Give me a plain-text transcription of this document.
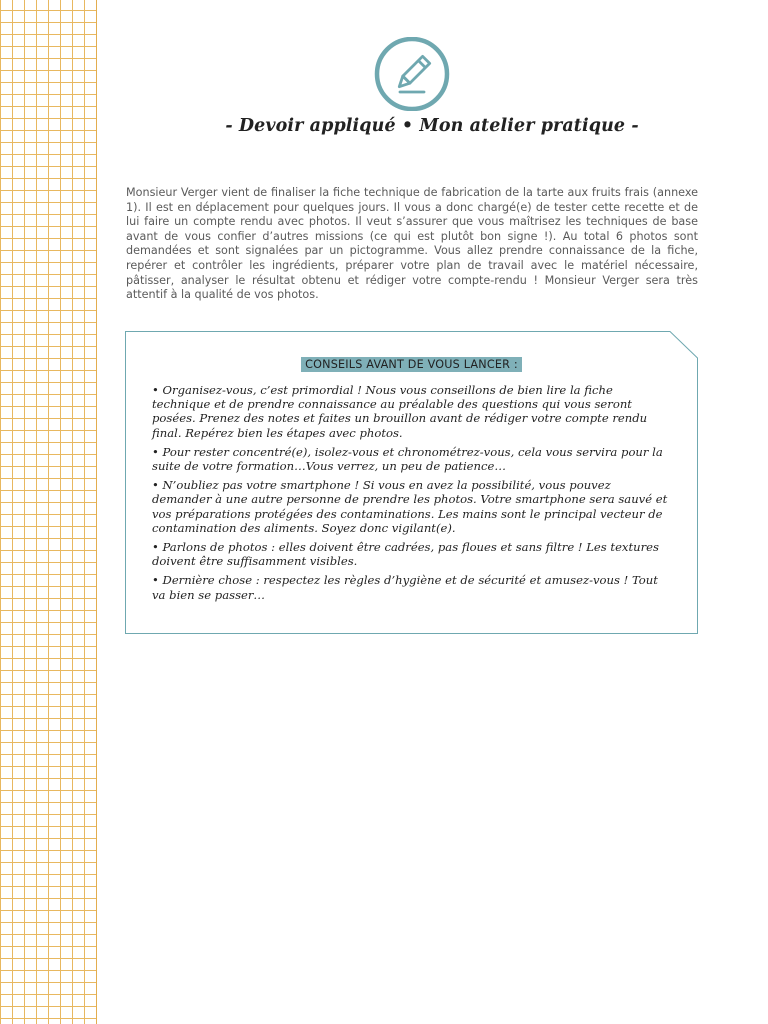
- Devoir appliqué • Mon atelier pratique -

Monsieur Verger vient de finaliser la fiche technique de fabrication de la tarte aux fruits frais (annexe 1). Il est en déplacement pour quelques jours. Il vous a donc chargé(e) de tester cette recette et de lui faire un compte rendu avec photos. Il veut s’assurer que vous maîtrisez les techniques de base avant de vous confier d’autres missions (ce qui est plutôt bon signe !). Au total 6 photos sont demandées et sont signalées par un pictogramme. Vous allez prendre connaissance de la fiche, repérer et contrôler les ingrédients, préparer votre plan de travail avec le matériel nécessaire, pâtisser, analyser le résultat obtenu et rédiger votre compte-rendu ! Monsieur Verger sera très attentif à la qualité de vos photos.

CONSEILS AVANT DE VOUS LANCER :
• Organisez-vous, c’est primordial ! Nous vous conseillons de bien lire la fiche technique et de prendre connaissance au préalable des questions qui vous seront posées. Prenez des notes et faites un brouillon avant de rédiger votre compte rendu final. Repérez bien les étapes avec photos.
• Pour rester concentré(e), isolez-vous et chronométrez-vous, cela vous servira pour la suite de votre formation…Vous verrez, un peu de patience…
• N’oubliez pas votre smartphone ! Si vous en avez la possibilité, vous pouvez demander à une autre personne de prendre les photos. Votre smartphone sera sauvé et vos préparations protégées des contaminations. Les mains sont le principal vecteur de contamination des aliments. Soyez donc vigilant(e).
• Parlons de photos : elles doivent être cadrées, pas floues et sans filtre ! Les textures doivent être suffisamment visibles.
• Dernière chose : respectez les règles d’hygiène et de sécurité et amusez-vous ! Tout va bien se passer…
